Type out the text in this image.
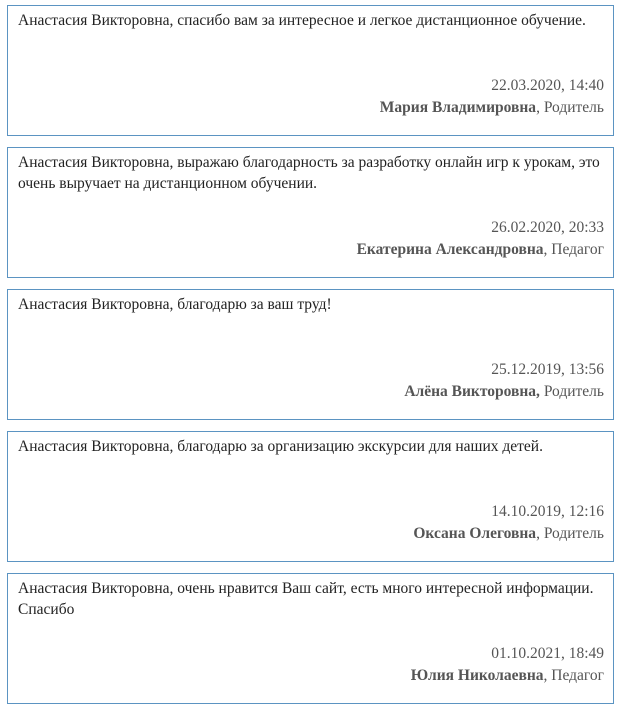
Анастасия Викторовна, спасибо вам за интересное и легкое дистанционное обучение.

22.03.2020, 14:40
Мария Владимировна, Родитель

Анастасия Викторовна, выражаю благодарность за разработку онлайн игр к урокам, это очень выручает на дистанционном обучении.

26.02.2020, 20:33
Екатерина Александровна, Педагог

Анастасия Викторовна, благодарю за ваш труд!

25.12.2019, 13:56
Алёна Викторовна, Родитель

Анастасия Викторовна, благодарю за организацию экскурсии для наших детей.

14.10.2019, 12:16
Оксана Олеговна, Родитель

Анастасия Викторовна, очень нравится Ваш сайт, есть много интересной информации. Спасибо

01.10.2021, 18:49
Юлия Николаевна, Педагог
